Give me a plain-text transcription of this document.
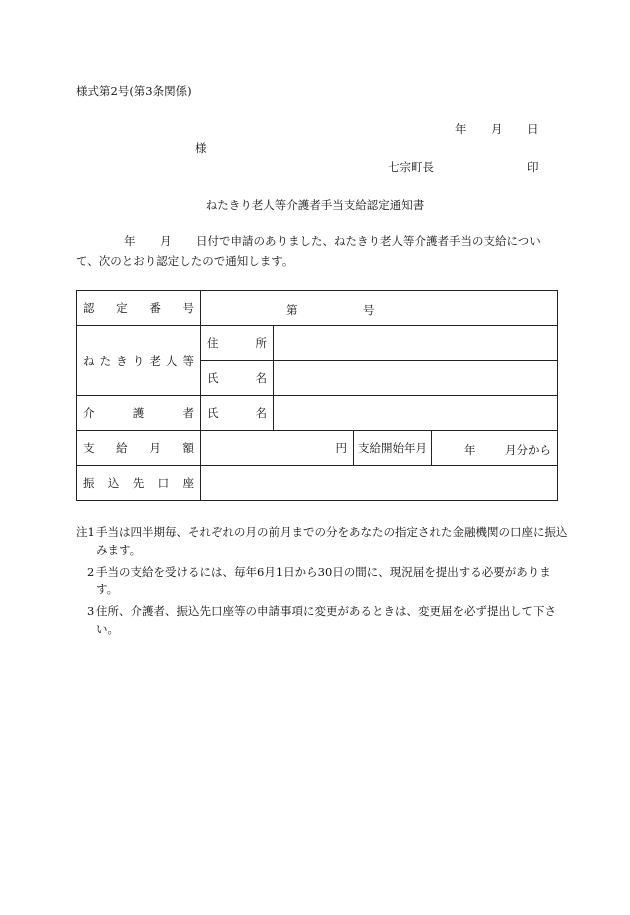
様式第2号(第3条関係)
年 月 日
様
七宗町長	印
ねたきり老人等介護者手当支給認定通知書
年 月 日付で申請のありました、ねたきり老人等介護者手当の支給につい
て、次のとおり認定したので通知します。
認定番号	第 号			

ねたきり老人等	住所			
	氏名			
介護者	氏名			
支給月額	円		支給開始年月	年 月分から

振込先口座				
注1 手当は四半期毎、それぞれの月の前月までの分をあなたの指定された金融機関の口座に振込みます。
2 手当の支給を受けるには、毎年6月1日から30日の間に、現況届を提出する必要があります。
3 住所、介護者、振込先口座等の申請事項に変更があるときは、変更届を必ず提出して下さい。
